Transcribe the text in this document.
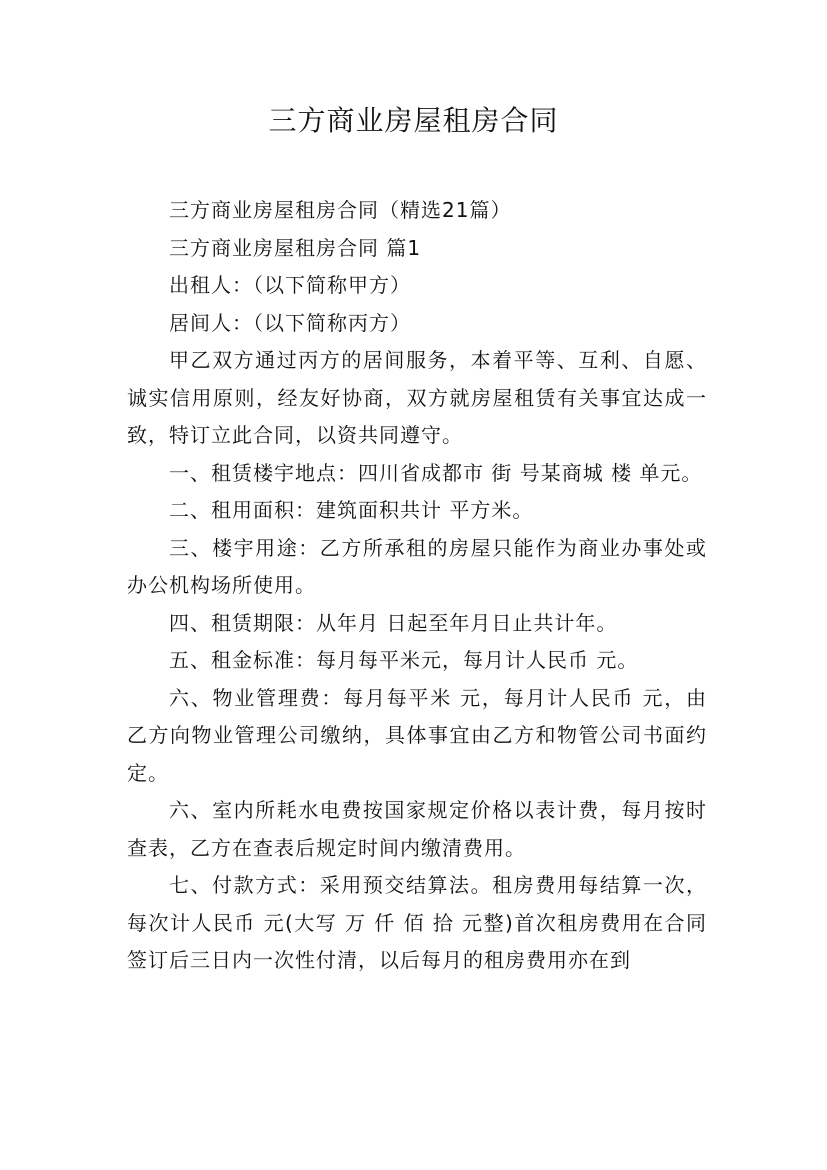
三方商业房屋租房合同

三方商业房屋租房合同（精选21篇）

三方商业房屋租房合同 篇1

出租人：（以下简称甲方）

居间人：（以下简称丙方）

甲乙双方通过丙方的居间服务，本着平等、互利、自愿、诚实信用原则，经友好协商，双方就房屋租赁有关事宜达成一致，特订立此合同，以资共同遵守。

一、租赁楼宇地点：四川省成都市 街 号某商城 楼 单元。

二、租用面积：建筑面积共计 平方米。

三、楼宇用途：乙方所承租的房屋只能作为商业办事处或办公机构场所使用。

四、租赁期限：从年月 日起至年月日止共计年。

五、租金标准：每月每平米元，每月计人民币 元。

六、物业管理费：每月每平米 元，每月计人民币 元，由乙方向物业管理公司缴纳，具体事宜由乙方和物管公司书面约定。

六、室内所耗水电费按国家规定价格以表计费，每月按时查表，乙方在查表后规定时间内缴清费用。

七、付款方式：采用预交结算法。租房费用每结算一次，每次计人民币 元(大写 万 仟 佰 拾 元整)首次租房费用在合同签订后三日内一次性付清，以后每月的租房费用亦在到
